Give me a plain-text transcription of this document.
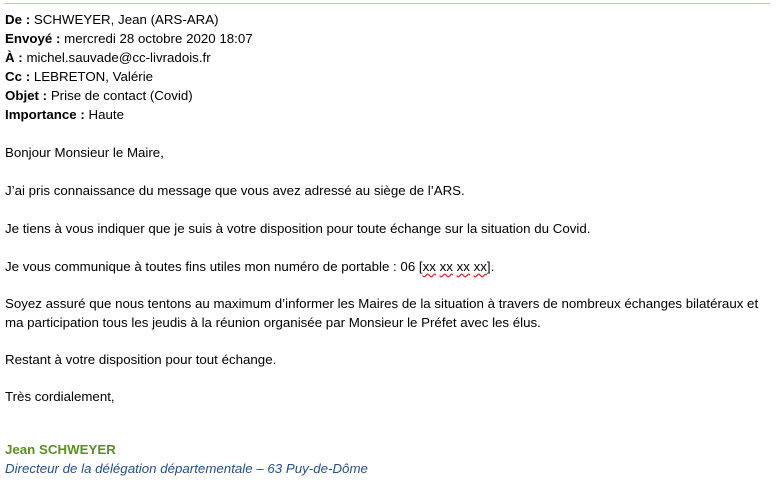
De : SCHWEYER, Jean (ARS-ARA)
Envoyé : mercredi 28 octobre 2020 18:07
À : michel.sauvade@cc-livradois.fr
Cc : LEBRETON, Valérie
Objet : Prise de contact (Covid)
Importance : Haute
Bonjour Monsieur le Maire,
J’ai pris connaissance du message que vous avez adressé au siège de l’ARS.
Je tiens à vous indiquer que je suis à votre disposition pour toute échange sur la situation du Covid.
Je vous communique à toutes fins utiles mon numéro de portable : 06 [xx xx xx xx].
Soyez assuré que nous tentons au maximum d’informer les Maires de la situation à travers de nombreux échanges bilatéraux et
ma participation tous les jeudis à la réunion organisée par Monsieur le Préfet avec les élus.
Restant à votre disposition pour tout échange.
Très cordialement,
Jean SCHWEYER
Directeur de la délégation départementale – 63 Puy-de-Dôme
